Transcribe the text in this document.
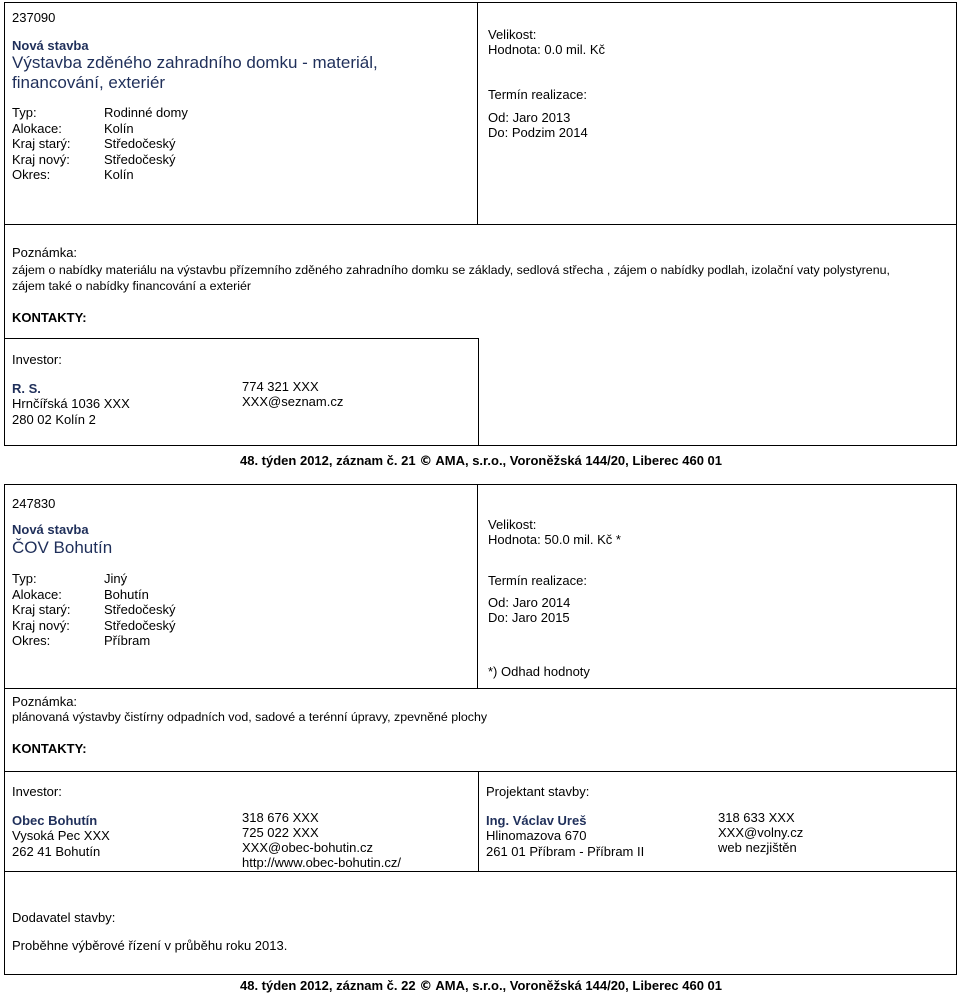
237090
Nová stavba
Výstavba zděného zahradního domku - materiál,
financování, exteriér
Typ:
Alokace:
Kraj starý:
Kraj nový:
Okres:
Rodinné domy
Kolín
Středočeský
Středočeský
Kolín
Velikost:
Hodnota: 0.0 mil. Kč
Termín realizace:
Od: Jaro 2013
Do: Podzim 2014
Poznámka:
zájem o nabídky materiálu na výstavbu přízemního zděného zahradního domku se základy, sedlová střecha , zájem o nabídky podlah, izolační vaty polystyrenu,
zájem také o nabídky financování a exteriér
KONTAKTY:
Investor:
R. S.
Hrnčířská 1036 XXX
280 02 Kolín 2
774 321 XXX
XXX@seznam.cz
48. týden 2012, záznam č. 21 © AMA, s.r.o., Voroněžská 144/20, Liberec 460 01
247830
Nová stavba
ČOV Bohutín
Typ:
Alokace:
Kraj starý:
Kraj nový:
Okres:
Jiný
Bohutín
Středočeský
Středočeský
Příbram
Velikost:
Hodnota: 50.0 mil. Kč *
Termín realizace:
Od: Jaro 2014
Do: Jaro 2015
*) Odhad hodnoty
Poznámka:
plánovaná výstavby čistírny odpadních vod, sadové a terénní úpravy, zpevněné plochy
KONTAKTY:
Investor:
Obec Bohutín
Vysoká Pec XXX
262 41 Bohutín
318 676 XXX
725 022 XXX
XXX@obec-bohutin.cz
http://www.obec-bohutin.cz/
Projektant stavby:
Ing. Václav Ureš
Hlinomazova 670
261 01 Příbram - Příbram II
318 633 XXX
XXX@volny.cz
web nezjištěn
Dodavatel stavby:
Proběhne výběrové řízení v průběhu roku 2013.
48. týden 2012, záznam č. 22 © AMA, s.r.o., Voroněžská 144/20, Liberec 460 01
